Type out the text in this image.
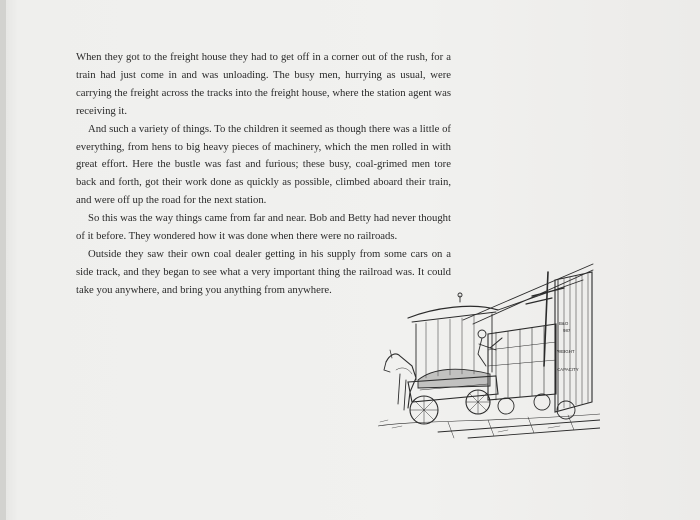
When they got to the freight house they had to get off in a corner out of the rush, for a train had just come in and was unloading. The busy men, hurrying as usual, were carrying the freight across the tracks into the freight house, where the station agent was receiving it.

And such a variety of things. To the children it seemed as though there was a little of everything, from hens to big heavy pieces of machinery, which the men rolled in with great effort. Here the bustle was fast and furious; these busy, coal-grimed men tore back and forth, got their work done as quickly as possible, climbed aboard their train, and were off up the road for the next station.

So this was the way things came from far and near. Bob and Betty had never thought of it before. They wondered how it was done when there were no railroads.

Outside they saw their own coal dealer getting in his supply from some cars on a side track, and they began to see what a very important thing the railroad was. It could take you anywhere, and bring you anything from anywhere.

B&O
987
WEIGHT
CAPACITY
